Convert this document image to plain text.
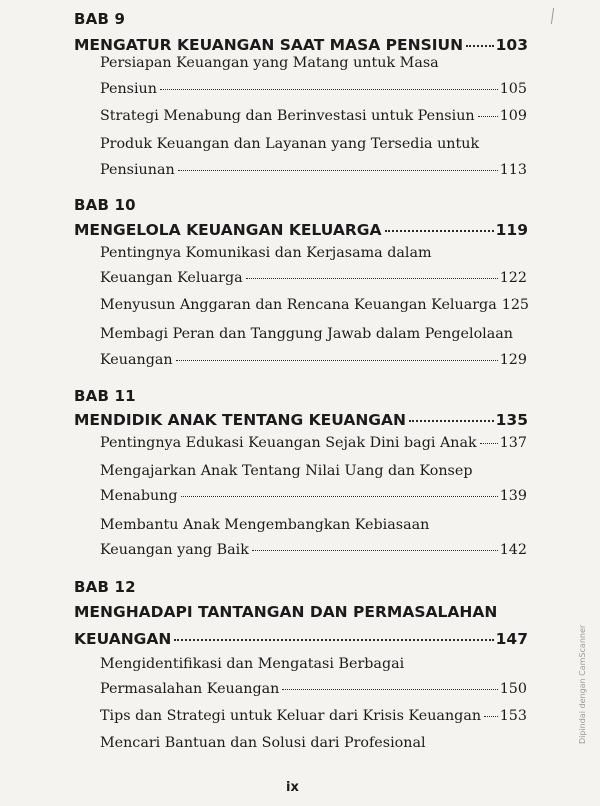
BAB 9
MENGATUR KEUANGAN SAAT MASA PENSIUN 103
Persiapan Keuangan yang Matang untuk Masa
Pensiun	105
Strategi Menabung dan Berinvestasi untuk Pensiun 109
Produk Keuangan dan Layanan yang Tersedia untuk
Pensiunan	113
BAB 10
MENGELOLA KEUANGAN KELUARGA	119
Pentingnya Komunikasi dan Kerjasama dalam
Keuangan Keluarga	122
Menyusun Anggaran dan Rencana Keuangan Keluarga 125
Membagi Peran dan Tanggung Jawab dalam Pengelolaan
Keuangan	129
BAB 11
MENDIDIK ANAK TENTANG KEUANGAN	135
Pentingnya Edukasi Keuangan Sejak Dini bagi Anak 137
Mengajarkan Anak Tentang Nilai Uang dan Konsep
Menabung	139
Membantu Anak Mengembangkan Kebiasaan
Keuangan yang Baik	142
BAB 12
MENGHADAPI TANTANGAN DAN PERMASALAHAN
KEUANGAN	147
Mengidentifikasi dan Mengatasi Berbagai
Permasalahan Keuangan	150
Tips dan Strategi untuk Keluar dari Krisis Keuangan 153
Mencari Bantuan dan Solusi dari Profesional
ix
Dipindai dengan CamScanner
